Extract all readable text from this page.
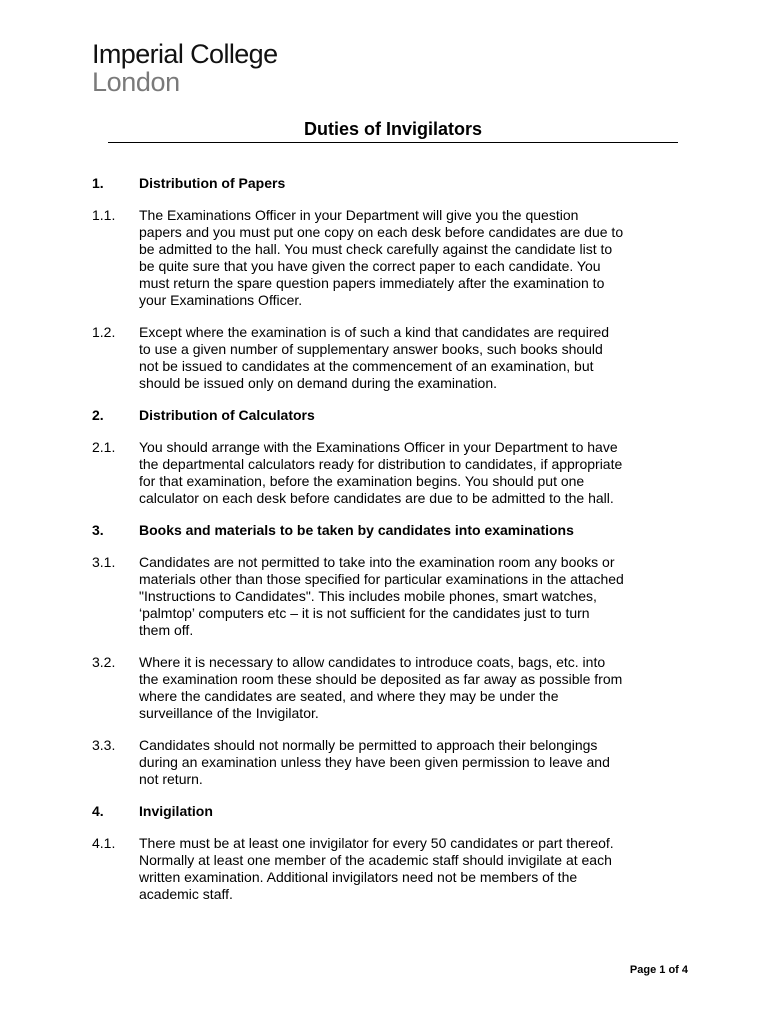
Imperial College
London
Duties of Invigilators
1.	Distribution of Papers
1.1.	The Examinations Officer in your Department will give you the question
papers and you must put one copy on each desk before candidates are due to
be admitted to the hall. You must check carefully against the candidate list to
be quite sure that you have given the correct paper to each candidate. You
must return the spare question papers immediately after the examination to
your Examinations Officer.
1.2.	Except where the examination is of such a kind that candidates are required
to use a given number of supplementary answer books, such books should
not be issued to candidates at the commencement of an examination, but
should be issued only on demand during the examination.
2.	Distribution of Calculators
2.1.	You should arrange with the Examinations Officer in your Department to have
the departmental calculators ready for distribution to candidates, if appropriate
for that examination, before the examination begins. You should put one
calculator on each desk before candidates are due to be admitted to the hall.
3.	Books and materials to be taken by candidates into examinations
3.1.	Candidates are not permitted to take into the examination room any books or
materials other than those specified for particular examinations in the attached
"Instructions to Candidates". This includes mobile phones, smart watches,
‘palmtop’ computers etc – it is not sufficient for the candidates just to turn
them off.
3.2.	Where it is necessary to allow candidates to introduce coats, bags, etc. into
the examination room these should be deposited as far away as possible from
where the candidates are seated, and where they may be under the
surveillance of the Invigilator.
3.3.	Candidates should not normally be permitted to approach their belongings
during an examination unless they have been given permission to leave and
not return.
4.	Invigilation
4.1.	There must be at least one invigilator for every 50 candidates or part thereof.
Normally at least one member of the academic staff should invigilate at each
written examination. Additional invigilators need not be members of the
academic staff.
Page 1 of 4
